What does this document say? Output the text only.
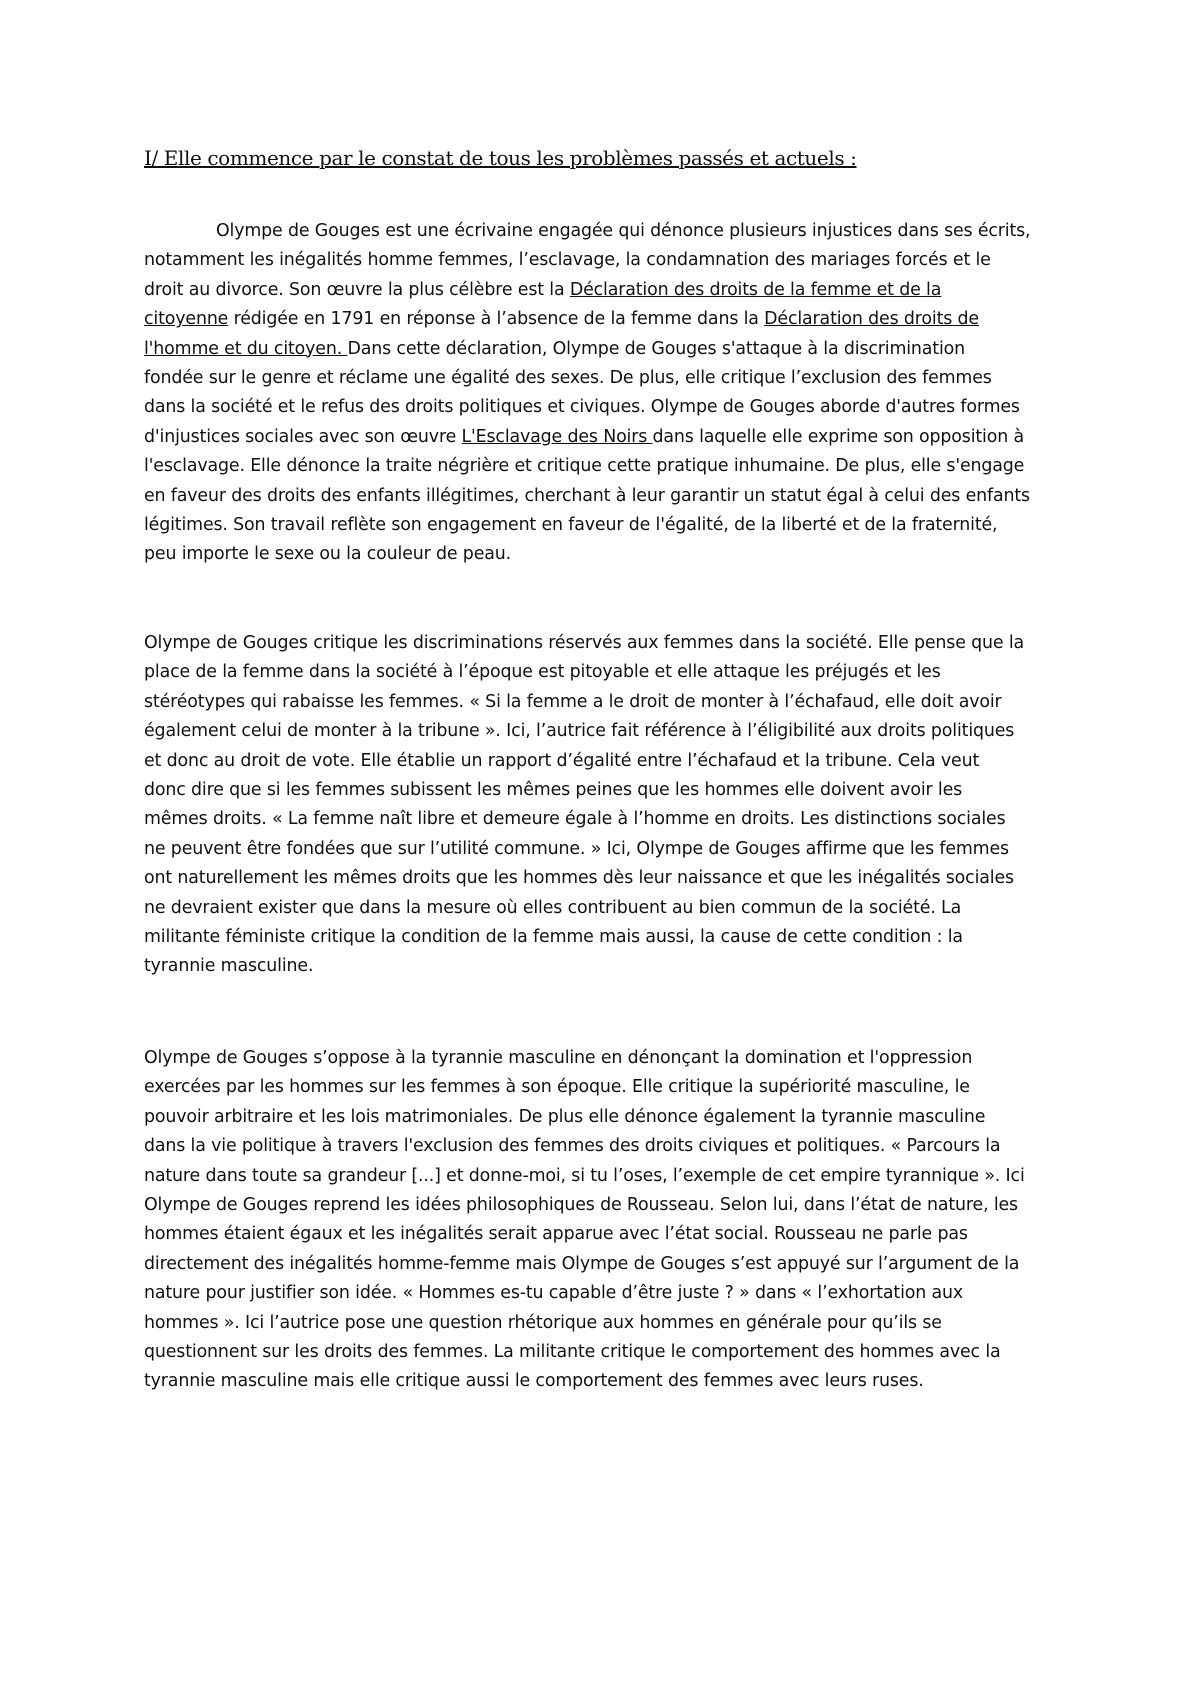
I/ Elle commence par le constat de tous les problèmes passés et actuels :
Olympe de Gouges est une écrivaine engagée qui dénonce plusieurs injustices dans ses écrits,
notamment les inégalités homme femmes, l’esclavage, la condamnation des mariages forcés et le
droit au divorce. Son œuvre la plus célèbre est la Déclaration des droits de la femme et de la
citoyenne rédigée en 1791 en réponse à l’absence de la femme dans la Déclaration des droits de
l'homme et du citoyen. Dans cette déclaration, Olympe de Gouges s'attaque à la discrimination
fondée sur le genre et réclame une égalité des sexes. De plus, elle critique l’exclusion des femmes
dans la société et le refus des droits politiques et civiques. Olympe de Gouges aborde d'autres formes
d'injustices sociales avec son œuvre L'Esclavage des Noirs dans laquelle elle exprime son opposition à
l'esclavage. Elle dénonce la traite négrière et critique cette pratique inhumaine. De plus, elle s'engage
en faveur des droits des enfants illégitimes, cherchant à leur garantir un statut égal à celui des enfants
légitimes. Son travail reflète son engagement en faveur de l'égalité, de la liberté et de la fraternité,
peu importe le sexe ou la couleur de peau.
Olympe de Gouges critique les discriminations réservés aux femmes dans la société. Elle pense que la
place de la femme dans la société à l’époque est pitoyable et elle attaque les préjugés et les
stéréotypes qui rabaisse les femmes. « Si la femme a le droit de monter à l’échafaud, elle doit avoir
également celui de monter à la tribune ». Ici, l’autrice fait référence à l’éligibilité aux droits politiques
et donc au droit de vote. Elle établie un rapport d’égalité entre l’échafaud et la tribune. Cela veut
donc dire que si les femmes subissent les mêmes peines que les hommes elle doivent avoir les
mêmes droits. « La femme naît libre et demeure égale à l’homme en droits. Les distinctions sociales
ne peuvent être fondées que sur l’utilité commune. » Ici, Olympe de Gouges affirme que les femmes
ont naturellement les mêmes droits que les hommes dès leur naissance et que les inégalités sociales
ne devraient exister que dans la mesure où elles contribuent au bien commun de la société. La
militante féministe critique la condition de la femme mais aussi, la cause de cette condition : la
tyrannie masculine.
Olympe de Gouges s’oppose à la tyrannie masculine en dénonçant la domination et l'oppression
exercées par les hommes sur les femmes à son époque. Elle critique la supériorité masculine, le
pouvoir arbitraire et les lois matrimoniales. De plus elle dénonce également la tyrannie masculine
dans la vie politique à travers l'exclusion des femmes des droits civiques et politiques. « Parcours la
nature dans toute sa grandeur [...] et donne-moi, si tu l’oses, l’exemple de cet empire tyrannique ». Ici
Olympe de Gouges reprend les idées philosophiques de Rousseau. Selon lui, dans l’état de nature, les
hommes étaient égaux et les inégalités serait apparue avec l’état social. Rousseau ne parle pas
directement des inégalités homme-femme mais Olympe de Gouges s’est appuyé sur l’argument de la
nature pour justifier son idée. « Hommes es-tu capable d’être juste ? » dans « l’exhortation aux
hommes ». Ici l’autrice pose une question rhétorique aux hommes en générale pour qu’ils se
questionnent sur les droits des femmes. La militante critique le comportement des hommes avec la
tyrannie masculine mais elle critique aussi le comportement des femmes avec leurs ruses.
